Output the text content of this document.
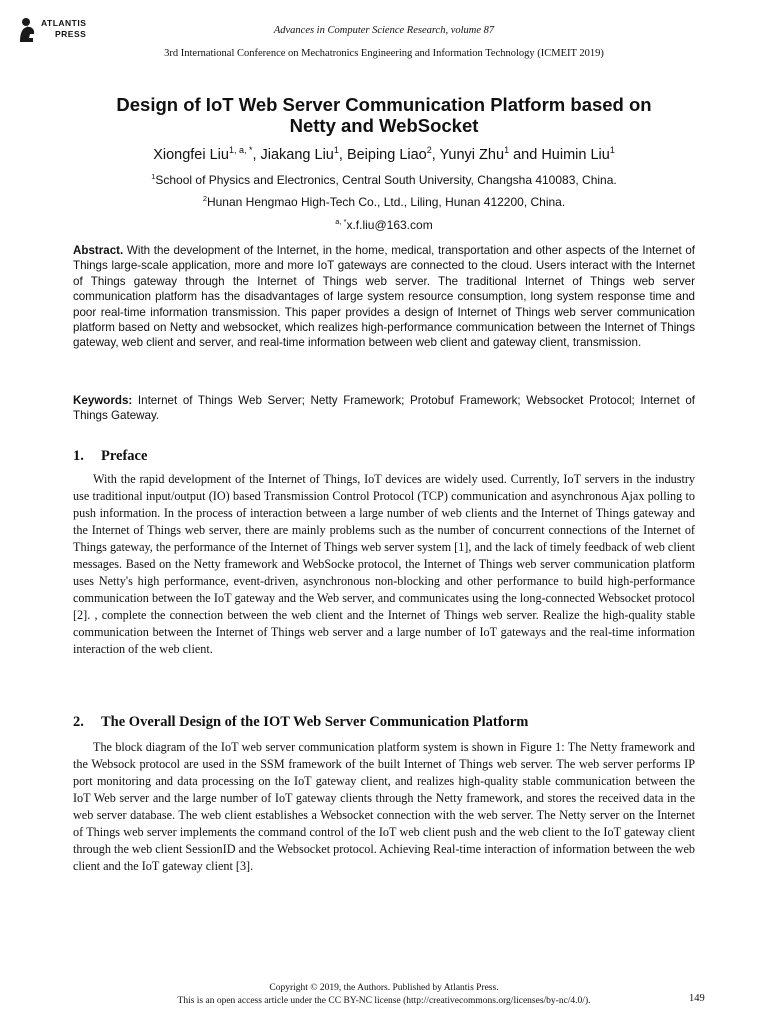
ATLANTIS
PRESS	Advances in Computer Science Research, volume 87
3rd International Conference on Mechatronics Engineering and Information Technology (ICMEIT 2019)
Design of IoT Web Server Communication Platform based on
Netty and WebSocket
Xiongfei Liu$^{1, a, *}$, Jiakang Liu$^1$, Beiping Liao$^2$, Yunyi Zhu$^1$ and Huimin Liu$^1$
$^1$School of Physics and Electronics, Central South University, Changsha 410083, China.
$^2$Hunan Hengmao High-Tech Co., Ltd., Liling, Hunan 412200, China.
$^{a, *}$x.f.liu@163.com

Abstract. With the development of the Internet, in the home, medical, transportation and other aspects of the Internet of Things large-scale application, more and more IoT gateways are connected to the cloud. Users interact with the Internet of Things gateway through the Internet of Things web server. The traditional Internet of Things web server communication platform has the disadvantages of large system resource consumption, long system response time and poor real-time information transmission. This paper provides a design of Internet of Things web server communication platform based on Netty and websocket, which realizes high-performance communication between the Internet of Things gateway, web client and server, and real-time information between web client and gateway client, transmission.

Keywords: Internet of Things Web Server; Netty Framework; Protobuf Framework; Websocket Protocol; Internet of Things Gateway.

1. Preface

With the rapid development of the Internet of Things, IoT devices are widely used. Currently, IoT servers in the industry use traditional input/output (IO) based Transmission Control Protocol (TCP) communication and asynchronous Ajax polling to push information. In the process of interaction between a large number of web clients and the Internet of Things gateway and the Internet of Things web server, there are mainly problems such as the number of concurrent connections of the Internet of Things gateway, the performance of the Internet of Things web server system [1], and the lack of timely feedback of web client messages. Based on the Netty framework and WebSocke protocol, the Internet of Things web server communication platform uses Netty's high performance, event-driven, asynchronous non-blocking and other performance to build high-performance communication between the IoT gateway and the Web server, and communicates using the long-connected Websocket protocol [2]. , complete the connection between the web client and the Internet of Things web server. Realize the high-quality stable communication between the Internet of Things web server and a large number of IoT gateways and the real-time information interaction of the web client.

2. The Overall Design of the IOT Web Server Communication Platform

The block diagram of the IoT web server communication platform system is shown in Figure 1: The Netty framework and the Websock protocol are used in the SSM framework of the built Internet of Things web server. The web server performs IP port monitoring and data processing on the IoT gateway client, and realizes high-quality stable communication between the IoT Web server and the large number of IoT gateway clients through the Netty framework, and stores the received data in the web server database. The web client establishes a Websocket connection with the web server. The Netty server on the Internet of Things web server implements the command control of the IoT web client push and the web client to the IoT gateway client through the web client SessionID and the Websocket protocol. Achieving Real-time interaction of information between the web client and the IoT gateway client [3].

Copyright © 2019, the Authors. Published by Atlantis Press.
This is an open access article under the CC BY-NC license (http://creativecommons.org/licenses/by-nc/4.0/).	149
